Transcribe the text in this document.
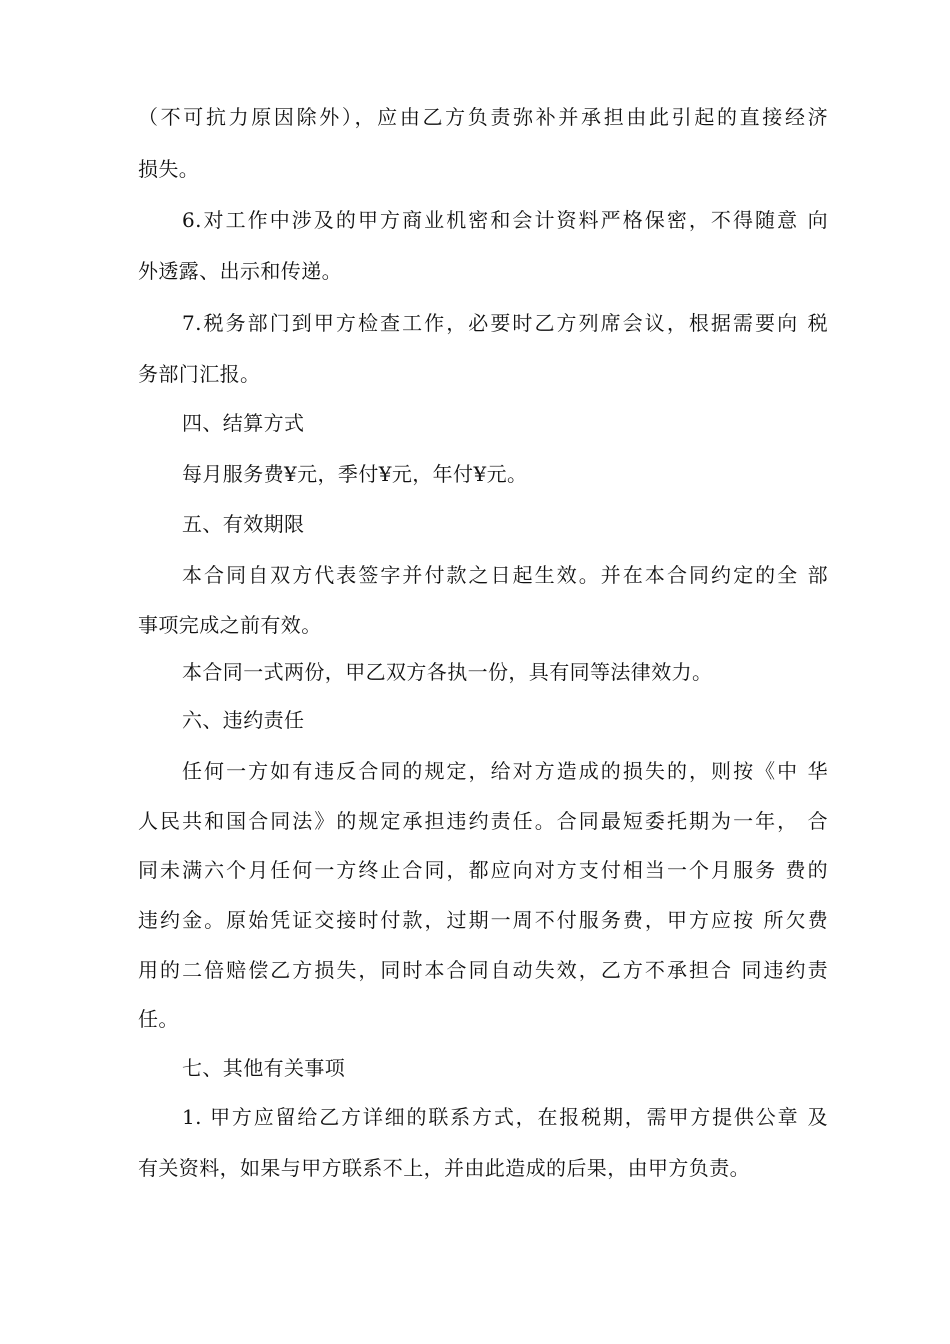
（不可抗力原因除外），应由乙方负责弥补并承担由此引起的直接经济
损失。
6.对工作中涉及的甲方商业机密和会计资料严格保密，不得随意 向
外透露、出示和传递。
7.税务部门到甲方检查工作，必要时乙方列席会议，根据需要向 税
务部门汇报。
四、结算方式
每月服务费¥元，季付¥元，年付¥元。
五、有效期限
本合同自双方代表签字并付款之日起生效。并在本合同约定的全 部
事项完成之前有效。
本合同一式两份，甲乙双方各执一份，具有同等法律效力。
六、违约责任
任何一方如有违反合同的规定，给对方造成的损失的，则按《中 华
人民共和国合同法》的规定承担违约责任。合同最短委托期为一年， 合
同未满六个月任何一方终止合同，都应向对方支付相当一个月服务 费的
违约金。原始凭证交接时付款，过期一周不付服务费，甲方应按 所欠费
用的二倍赔偿乙方损失，同时本合同自动失效，乙方不承担合 同违约责
任。
七、其他有关事项
1. 甲方应留给乙方详细的联系方式，在报税期，需甲方提供公章 及
有关资料，如果与甲方联系不上，并由此造成的后果，由甲方负责。
